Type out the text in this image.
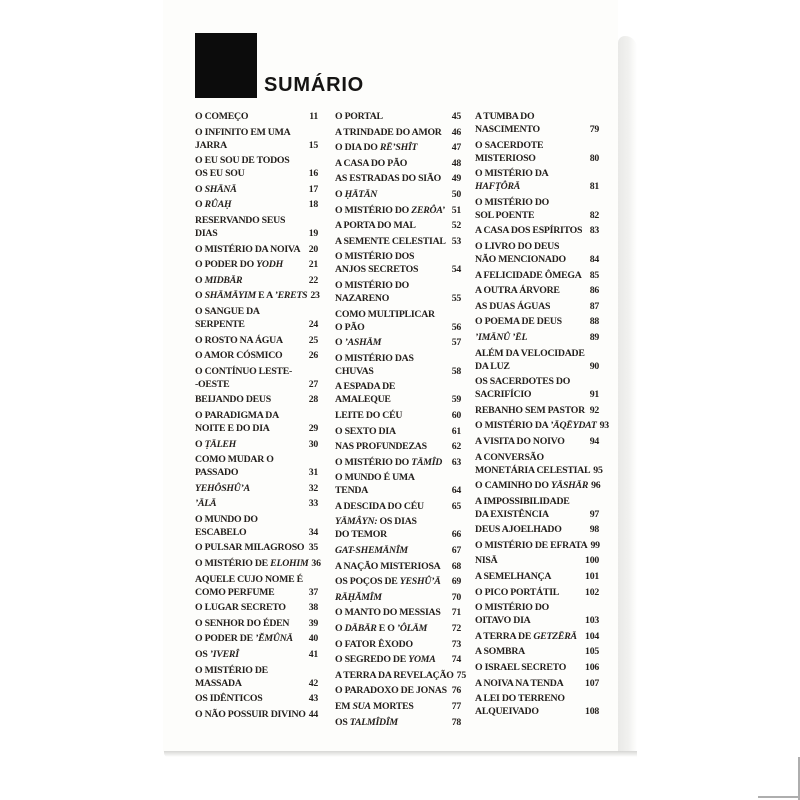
SUMÁRIO
O COMEÇO	11
O INFINITO EM UMA
JARRA	15
O EU SOU DE TODOS
OS EU SOU	16
O SHĀNĀ	17
O RÛAḤ	18
RESERVANDO SEUS
DIAS	19
O MISTÉRIO DA NOIVA 20
O PODER DO YODH	21
O MIDBĀR	22
O SHĀMĀYIM E A ’ERETS 23
O SANGUE DA
SERPENTE	24
O ROSTO NA ÁGUA	25
O AMOR CÓSMICO	26
O CONTÍNUO LESTE-
-OESTE	27
BEIJANDO DEUS	28
O PARADIGMA DA
NOITE E DO DIA	29
O ṬĀLEH	30
COMO MUDAR O
PASSADO	31
YEHÔSHÛ’A	32
’ĀLĀ	33
O MUNDO DO
ESCABELO	34
O PULSAR MILAGROSO 35
O MISTÉRIO DE ELOHIM 36
AQUELE CUJO NOME É
COMO PERFUME	37
O LUGAR SECRETO	38
O SENHOR DO ÉDEN	39
O PODER DE ’ĔMÛNĀ	40
OS ’IVERÎ	41
O MISTÉRIO DE
MASSADA	42
OS IDÊNTICOS	43
O NÃO POSSUIR DIVINO 44
O PORTAL	45
A TRINDADE DO AMOR	46
O DIA DO RĒ’SHÎT	47
A CASA DO PÃO	48
AS ESTRADAS DO SIÃO	49
O ḤĀTĀN	50
O MISTÉRIO DO ZERÔA’ 51
A PORTA DO MAL	52
A SEMENTE CELESTIAL 53
O MISTÉRIO DOS
ANJOS SECRETOS	54
O MISTÉRIO DO
NAZARENO	55
COMO MULTIPLICAR
O PÃO	56
O ’ASHĀM	57
O MISTÉRIO DAS
CHUVAS	58
A ESPADA DE
AMALEQUE	59
LEITE DO CÉU	60
O SEXTO DIA	61
NAS PROFUNDEZAS	62
O MISTÉRIO DO TĀMÎD 63
O MUNDO É UMA
TENDA	64
A DESCIDA DO CÉU	65
YĀMÂYN: OS DIAS
DO TEMOR	66
GAT-SHEMĀNÎM	67
A NAÇÃO MISTERIOSA	68
OS POÇOS DE YESHÛ’Ā	69
RĀḤĂMÎM	70
O MANTO DO MESSIAS	71
O DĀBĀR E O ’ÔLĀM	72
O FATOR ÊXODO	73
O SEGREDO DE YOMA	74
A TERRA DA REVELAÇÃO 75
O PARADOXO DE JONAS 76
EM SUA MORTES	77
OS TALMÎDÎM	78
A TUMBA DO
NASCIMENTO	79
O SACERDOTE
MISTERIOSO	80
O MISTÉRIO DA
HAFṬÔRĀ	81
O MISTÉRIO DO
SOL POENTE	82
A CASA DOS ESPÍRITOS 83
O LIVRO DO DEUS
NÃO MENCIONADO	84
A FELICIDADE ÔMEGA 85
A OUTRA ÁRVORE	86
AS DUAS ÁGUAS	87
O POEMA DE DEUS	88
’IMĀNÛ ’ĒL	89
ALÉM DA VELOCIDADE
DA LUZ	90
OS SACERDOTES DO
SACRIFÍCIO	91
REBANHO SEM PASTOR 92
O MISTÉRIO DA ’ĀQĒYDAT 93
A VISITA DO NOIVO	94
A CONVERSÃO
MONETÁRIA CELESTIAL 95
O CAMINHO DO YĀSHĀR 96
A IMPOSSIBILIDADE
DA EXISTÊNCIA	97
DEUS AJOELHADO	98
O MISTÉRIO DE EFRATA 99
NISĀ	100
A SEMELHANÇA	101
O PICO PORTÁTIL	102
O MISTÉRIO DO
OITAVO DIA	103
A TERRA DE GETZĒRĀ 104
A SOMBRA	105
O ISRAEL SECRETO	106
A NOIVA NA TENDA	107
A LEI DO TERRENO
ALQUEIVADO	108
